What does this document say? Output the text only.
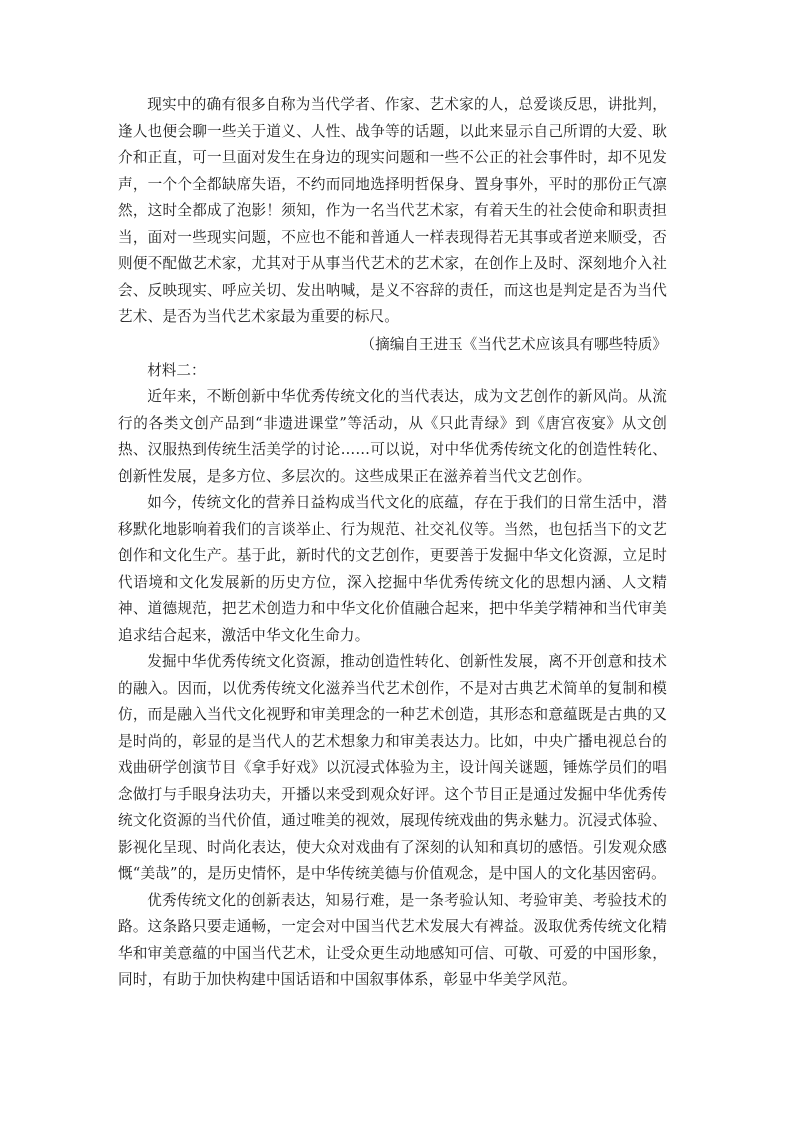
现实中的确有很多自称为当代学者、作家、艺术家的人，总爱谈反思，讲批判，逢人也便会聊一些关于道义、人性、战争等的话题，以此来显示自己所谓的大爱、耿介和正直，可一旦面对发生在身边的现实问题和一些不公正的社会事件时，却不见发声，一个个全都缺席失语，不约而同地选择明哲保身、置身事外，平时的那份正气凛然，这时全都成了泡影！须知，作为一名当代艺术家，有着天生的社会使命和职责担当，面对一些现实问题，不应也不能和普通人一样表现得若无其事或者逆来顺受，否则便不配做艺术家，尤其对于从事当代艺术的艺术家，在创作上及时、深刻地介入社会、反映现实、呼应关切、发出呐喊，是义不容辞的责任，而这也是判定是否为当代艺术、是否为当代艺术家最为重要的标尺。

（摘编自王进玉《当代艺术应该具有哪些特质》

材料二：

近年来，不断创新中华优秀传统文化的当代表达，成为文艺创作的新风尚。从流行的各类文创产品到“非遗进课堂”等活动，从《只此青绿》到《唐宫夜宴》从文创热、汉服热到传统生活美学的讨论……可以说，对中华优秀传统文化的创造性转化、创新性发展，是多方位、多层次的。这些成果正在滋养着当代文艺创作。

如今，传统文化的营养日益构成当代文化的底蕴，存在于我们的日常生活中，潜移默化地影响着我们的言谈举止、行为规范、社交礼仪等。当然，也包括当下的文艺创作和文化生产。基于此，新时代的文艺创作，更要善于发掘中华文化资源，立足时代语境和文化发展新的历史方位，深入挖掘中华优秀传统文化的思想内涵、人文精神、道德规范，把艺术创造力和中华文化价值融合起来，把中华美学精神和当代审美追求结合起来，激活中华文化生命力。

发掘中华优秀传统文化资源，推动创造性转化、创新性发展，离不开创意和技术的融入。因而，以优秀传统文化滋养当代艺术创作，不是对古典艺术简单的复制和模仿，而是融入当代文化视野和审美理念的一种艺术创造，其形态和意蕴既是古典的又是时尚的，彰显的是当代人的艺术想象力和审美表达力。比如，中央广播电视总台的戏曲研学创演节目《拿手好戏》以沉浸式体验为主，设计闯关谜题，锤炼学员们的唱念做打与手眼身法功夫，开播以来受到观众好评。这个节目正是通过发掘中华优秀传统文化资源的当代价值，通过唯美的视效，展现传统戏曲的隽永魅力。沉浸式体验、影视化呈现、时尚化表达，使大众对戏曲有了深刻的认知和真切的感悟。引发观众感慨“美哉”的，是历史情怀，是中华传统美德与价值观念，是中国人的文化基因密码。

优秀传统文化的创新表达，知易行难，是一条考验认知、考验审美、考验技术的路。这条路只要走通畅，一定会对中国当代艺术发展大有裨益。汲取优秀传统文化精华和审美意蕴的中国当代艺术，让受众更生动地感知可信、可敬、可爱的中国形象，同时，有助于加快构建中国话语和中国叙事体系，彰显中华美学风范。
